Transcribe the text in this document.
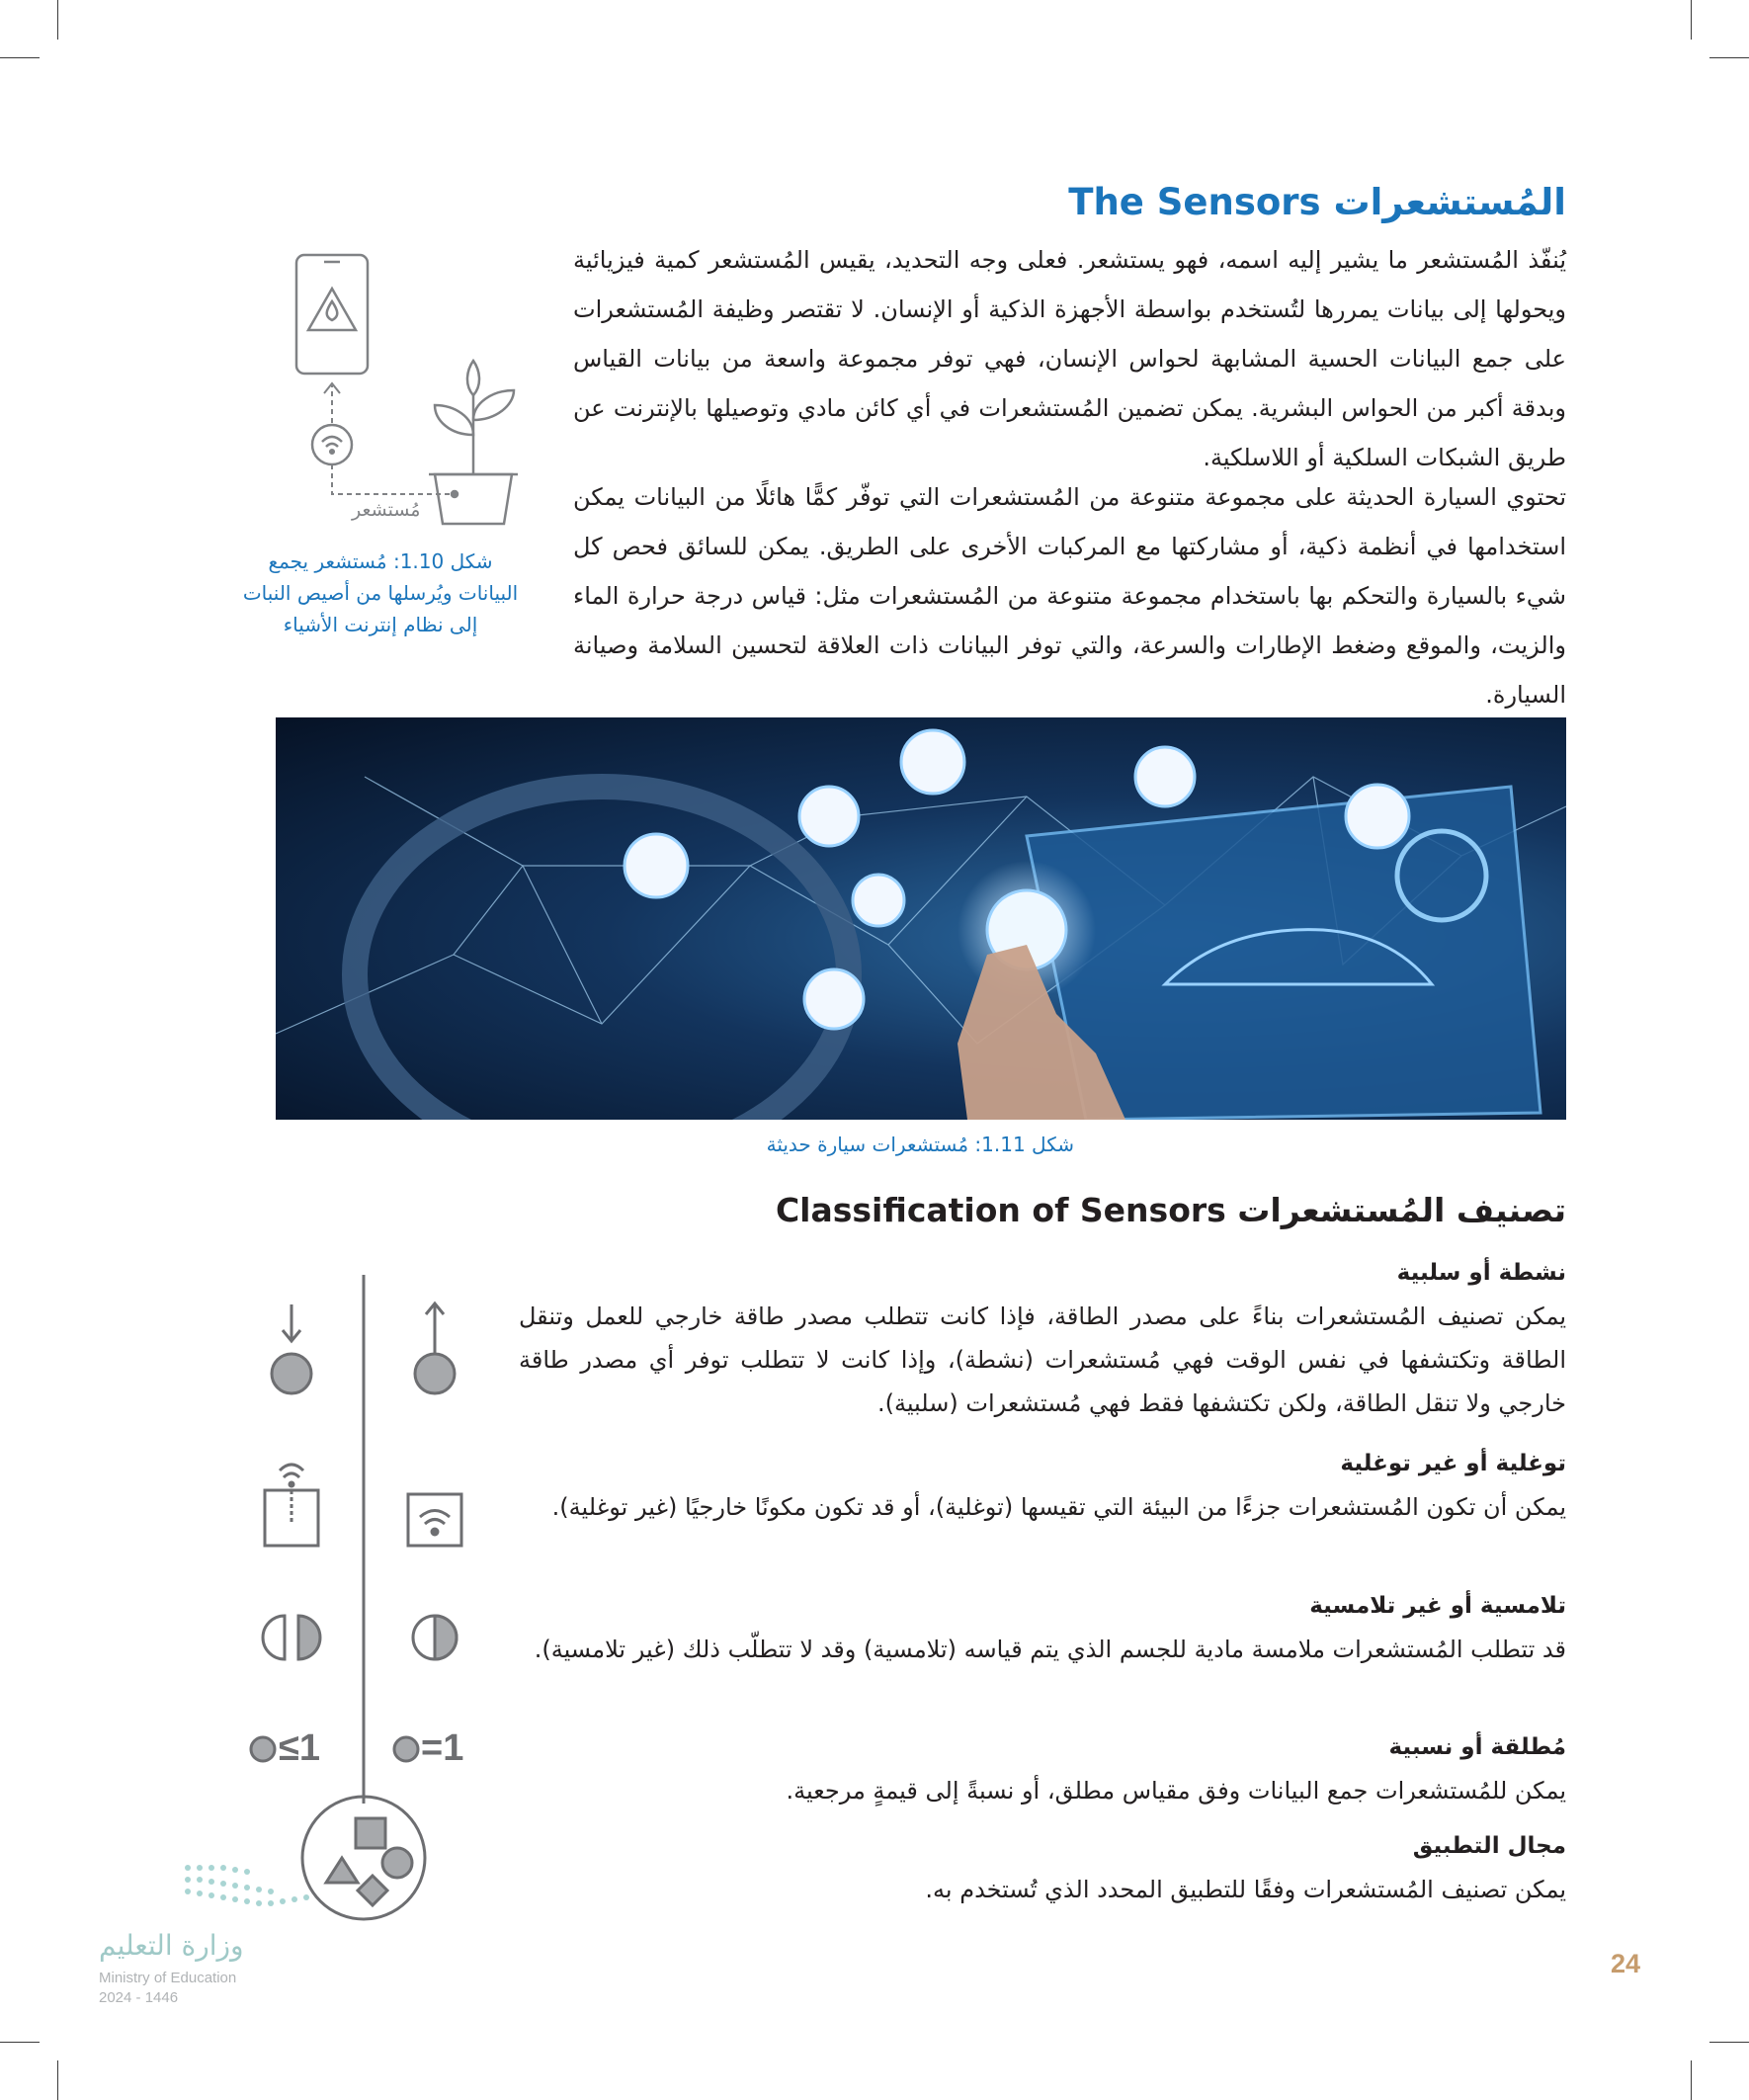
المُستشعرات The Sensors
يُنفّذ المُستشعر ما يشير إليه اسمه، فهو يستشعر. فعلى وجه التحديد، يقيس المُستشعر كمية فيزيائية ويحولها إلى بيانات يمررها لتُستخدم بواسطة الأجهزة الذكية أو الإنسان. لا تقتصر وظيفة المُستشعرات على جمع البيانات الحسية المشابهة لحواس الإنسان، فهي توفر مجموعة واسعة من بيانات القياس وبدقة أكبر من الحواس البشرية. يمكن تضمين المُستشعرات في أي كائن مادي وتوصيلها بالإنترنت عن طريق الشبكات السلكية أو اللاسلكية.
تحتوي السيارة الحديثة على مجموعة متنوعة من المُستشعرات التي توفّر كمًّا هائلًا من البيانات يمكن استخدامها في أنظمة ذكية، أو مشاركتها مع المركبات الأخرى على الطريق. يمكن للسائق فحص كل شيء بالسيارة والتحكم بها باستخدام مجموعة متنوعة من المُستشعرات مثل: قياس درجة حرارة الماء والزيت، والموقع وضغط الإطارات والسرعة، والتي توفر البيانات ذات العلاقة لتحسين السلامة وصيانة السيارة.
مُستشعر
شكل 1.10: مُستشعر يجمع البيانات ويُرسلها من أصيص النبات إلى نظام إنترنت الأشياء
شكل 1.11: مُستشعرات سيارة حديثة
تصنيف المُستشعرات Classification of Sensors
نشطة أو سلبية
يمكن تصنيف المُستشعرات بناءً على مصدر الطاقة، فإذا كانت تتطلب مصدر طاقة خارجي للعمل وتنقل الطاقة وتكتشفها في نفس الوقت فهي مُستشعرات (نشطة)، وإذا كانت لا تتطلب توفر أي مصدر طاقة خارجي ولا تنقل الطاقة، ولكن تكتشفها فقط فهي مُستشعرات (سلبية).
توغلية أو غير توغلية
يمكن أن تكون المُستشعرات جزءًا من البيئة التي تقيسها (توغلية)، أو قد تكون مكونًا خارجيًا (غير توغلية).
تلامسية أو غير تلامسية
قد تتطلب المُستشعرات ملامسة مادية للجسم الذي يتم قياسه (تلامسية) وقد لا تتطلّب ذلك (غير تلامسية).
مُطلقة أو نسبية
يمكن للمُستشعرات جمع البيانات وفق مقياس مطلق، أو نسبةً إلى قيمةٍ مرجعية.
مجال التطبيق
يمكن تصنيف المُستشعرات وفقًا للتطبيق المحدد الذي تُستخدم به.
≤1	=1
وزارة التعليم
Ministry of Education
2024 - 1446
24
